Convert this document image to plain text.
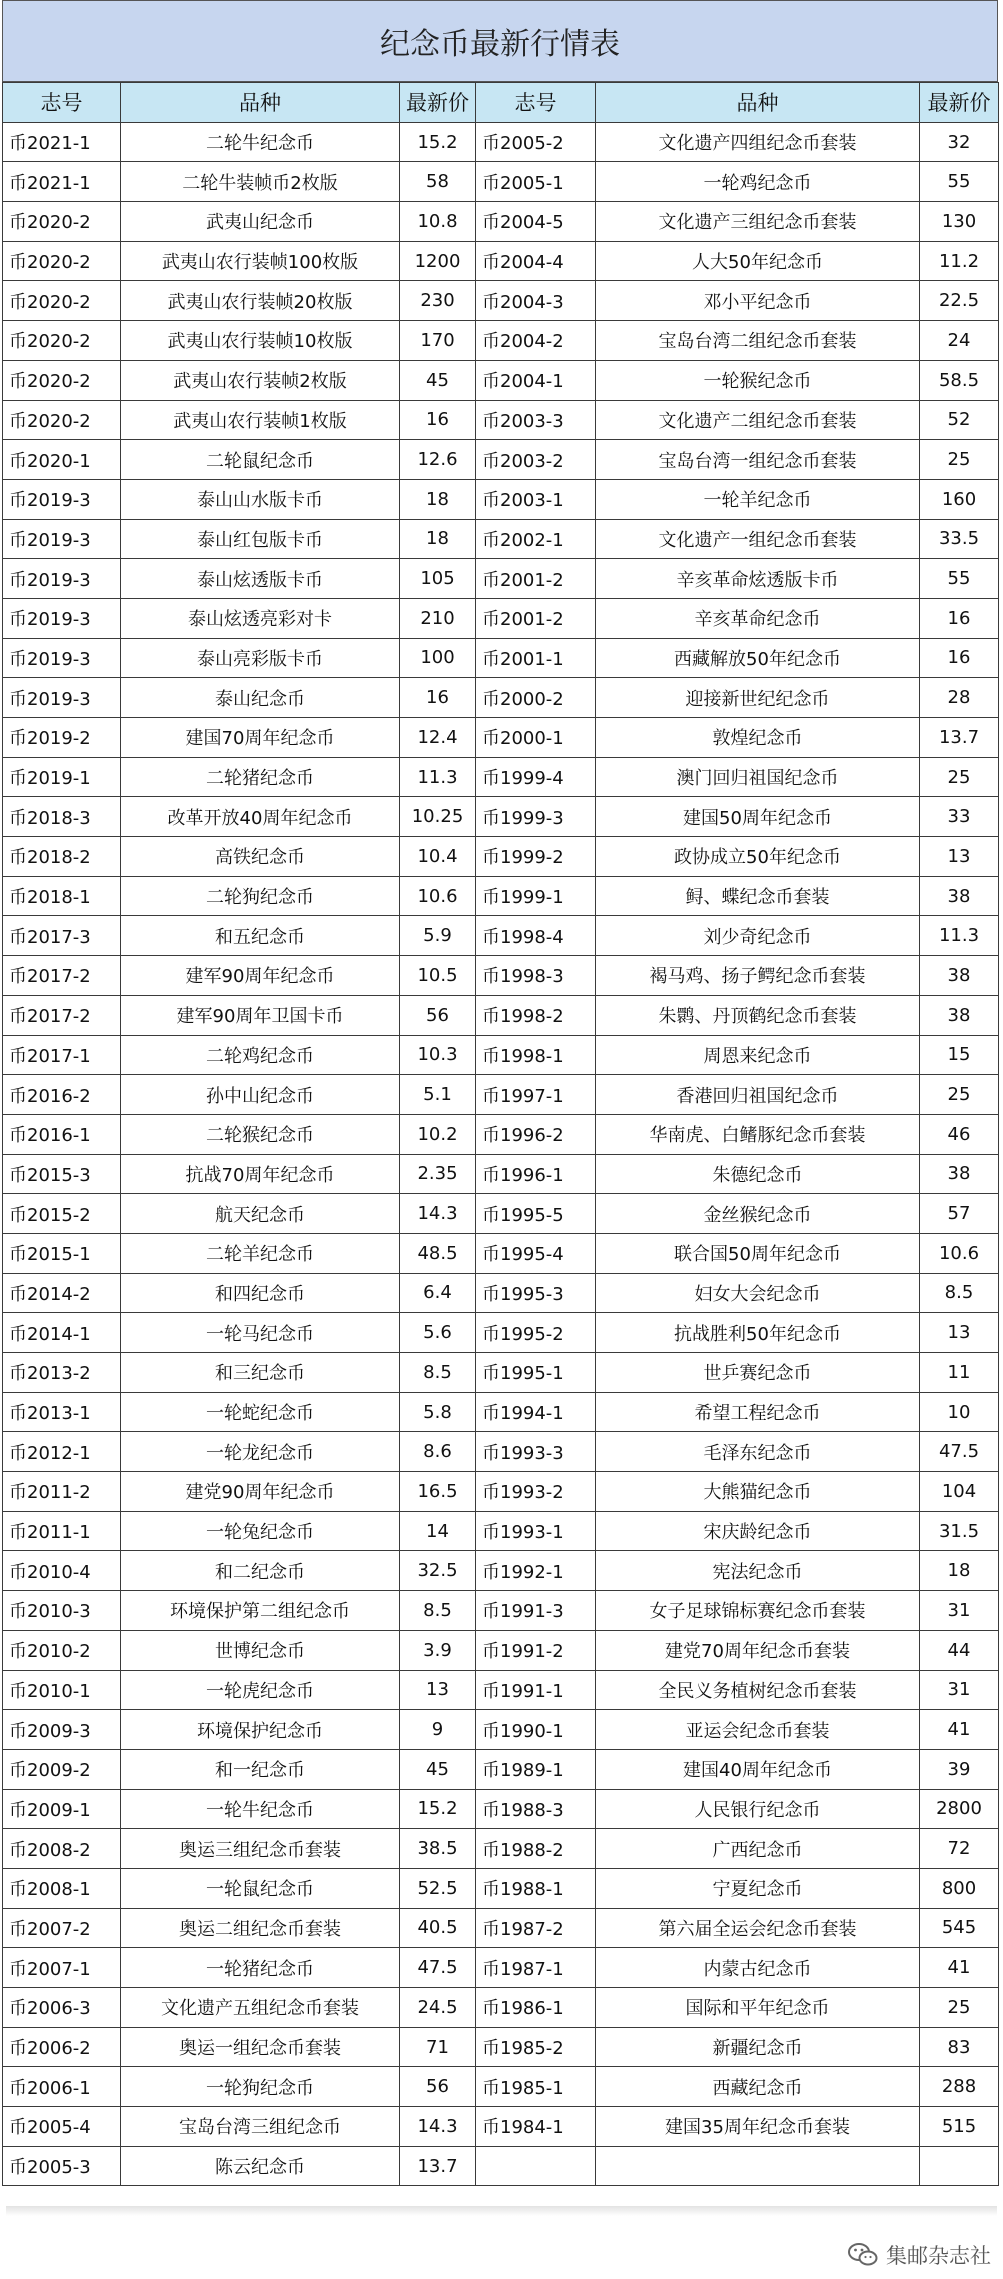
纪念币最新行情表
志号	品种	最新价	志号	品种	最新价
币2021-1	二轮牛纪念币	15.2	币2005-2	文化遗产四组纪念币套装	32
币2021-1	二轮牛装帧币2枚版	58	币2005-1	一轮鸡纪念币	55
币2020-2	武夷山纪念币	10.8	币2004-5	文化遗产三组纪念币套装	130
币2020-2	武夷山农行装帧100枚版	1200	币2004-4	人大50年纪念币	11.2
币2020-2	武夷山农行装帧20枚版	230	币2004-3	邓小平纪念币	22.5
币2020-2	武夷山农行装帧10枚版	170	币2004-2	宝岛台湾二组纪念币套装	24
币2020-2	武夷山农行装帧2枚版	45	币2004-1	一轮猴纪念币	58.5
币2020-2	武夷山农行装帧1枚版	16	币2003-3	文化遗产二组纪念币套装	52
币2020-1	二轮鼠纪念币	12.6	币2003-2	宝岛台湾一组纪念币套装	25
币2019-3	泰山山水版卡币	18	币2003-1	一轮羊纪念币	160
币2019-3	泰山红包版卡币	18	币2002-1	文化遗产一组纪念币套装	33.5
币2019-3	泰山炫透版卡币	105	币2001-2	辛亥革命炫透版卡币	55
币2019-3	泰山炫透亮彩对卡	210	币2001-2	辛亥革命纪念币	16
币2019-3	泰山亮彩版卡币	100	币2001-1	西藏解放50年纪念币	16
币2019-3	泰山纪念币	16	币2000-2	迎接新世纪纪念币	28
币2019-2	建国70周年纪念币	12.4	币2000-1	敦煌纪念币	13.7
币2019-1	二轮猪纪念币	11.3	币1999-4	澳门回归祖国纪念币	25
币2018-3	改革开放40周年纪念币	10.25	币1999-3	建国50周年纪念币	33
币2018-2	高铁纪念币	10.4	币1999-2	政协成立50年纪念币	13
币2018-1	二轮狗纪念币	10.6	币1999-1	鲟、蝶纪念币套装	38
币2017-3	和五纪念币	5.9	币1998-4	刘少奇纪念币	11.3
币2017-2	建军90周年纪念币	10.5	币1998-3	褐马鸡、扬子鳄纪念币套装	38
币2017-2	建军90周年卫国卡币	56	币1998-2	朱鹮、丹顶鹤纪念币套装	38
币2017-1	二轮鸡纪念币	10.3	币1998-1	周恩来纪念币	15
币2016-2	孙中山纪念币	5.1	币1997-1	香港回归祖国纪念币	25
币2016-1	二轮猴纪念币	10.2	币1996-2	华南虎、白鳍豚纪念币套装	46
币2015-3	抗战70周年纪念币	2.35	币1996-1	朱德纪念币	38
币2015-2	航天纪念币	14.3	币1995-5	金丝猴纪念币	57
币2015-1	二轮羊纪念币	48.5	币1995-4	联合国50周年纪念币	10.6
币2014-2	和四纪念币	6.4	币1995-3	妇女大会纪念币	8.5
币2014-1	一轮马纪念币	5.6	币1995-2	抗战胜利50年纪念币	13
币2013-2	和三纪念币	8.5	币1995-1	世乒赛纪念币	11
币2013-1	一轮蛇纪念币	5.8	币1994-1	希望工程纪念币	10
币2012-1	一轮龙纪念币	8.6	币1993-3	毛泽东纪念币	47.5
币2011-2	建党90周年纪念币	16.5	币1993-2	大熊猫纪念币	104
币2011-1	一轮兔纪念币	14	币1993-1	宋庆龄纪念币	31.5
币2010-4	和二纪念币	32.5	币1992-1	宪法纪念币	18
币2010-3	环境保护第二组纪念币	8.5	币1991-3	女子足球锦标赛纪念币套装	31
币2010-2	世博纪念币	3.9	币1991-2	建党70周年纪念币套装	44
币2010-1	一轮虎纪念币	13	币1991-1	全民义务植树纪念币套装	31
币2009-3	环境保护纪念币	9	币1990-1	亚运会纪念币套装	41
币2009-2	和一纪念币	45	币1989-1	建国40周年纪念币	39
币2009-1	一轮牛纪念币	15.2	币1988-3	人民银行纪念币	2800
币2008-2	奥运三组纪念币套装	38.5	币1988-2	广西纪念币	72
币2008-1	一轮鼠纪念币	52.5	币1988-1	宁夏纪念币	800
币2007-2	奥运二组纪念币套装	40.5	币1987-2	第六届全运会纪念币套装	545
币2007-1	一轮猪纪念币	47.5	币1987-1	内蒙古纪念币	41
币2006-3	文化遗产五组纪念币套装	24.5	币1986-1	国际和平年纪念币	25
币2006-2	奥运一组纪念币套装	71	币1985-2	新疆纪念币	83
币2006-1	一轮狗纪念币	56	币1985-1	西藏纪念币	288
币2005-4	宝岛台湾三组纪念币	14.3	币1984-1	建国35周年纪念币套装	515
币2005-3	陈云纪念币	13.7			
集邮杂志社
